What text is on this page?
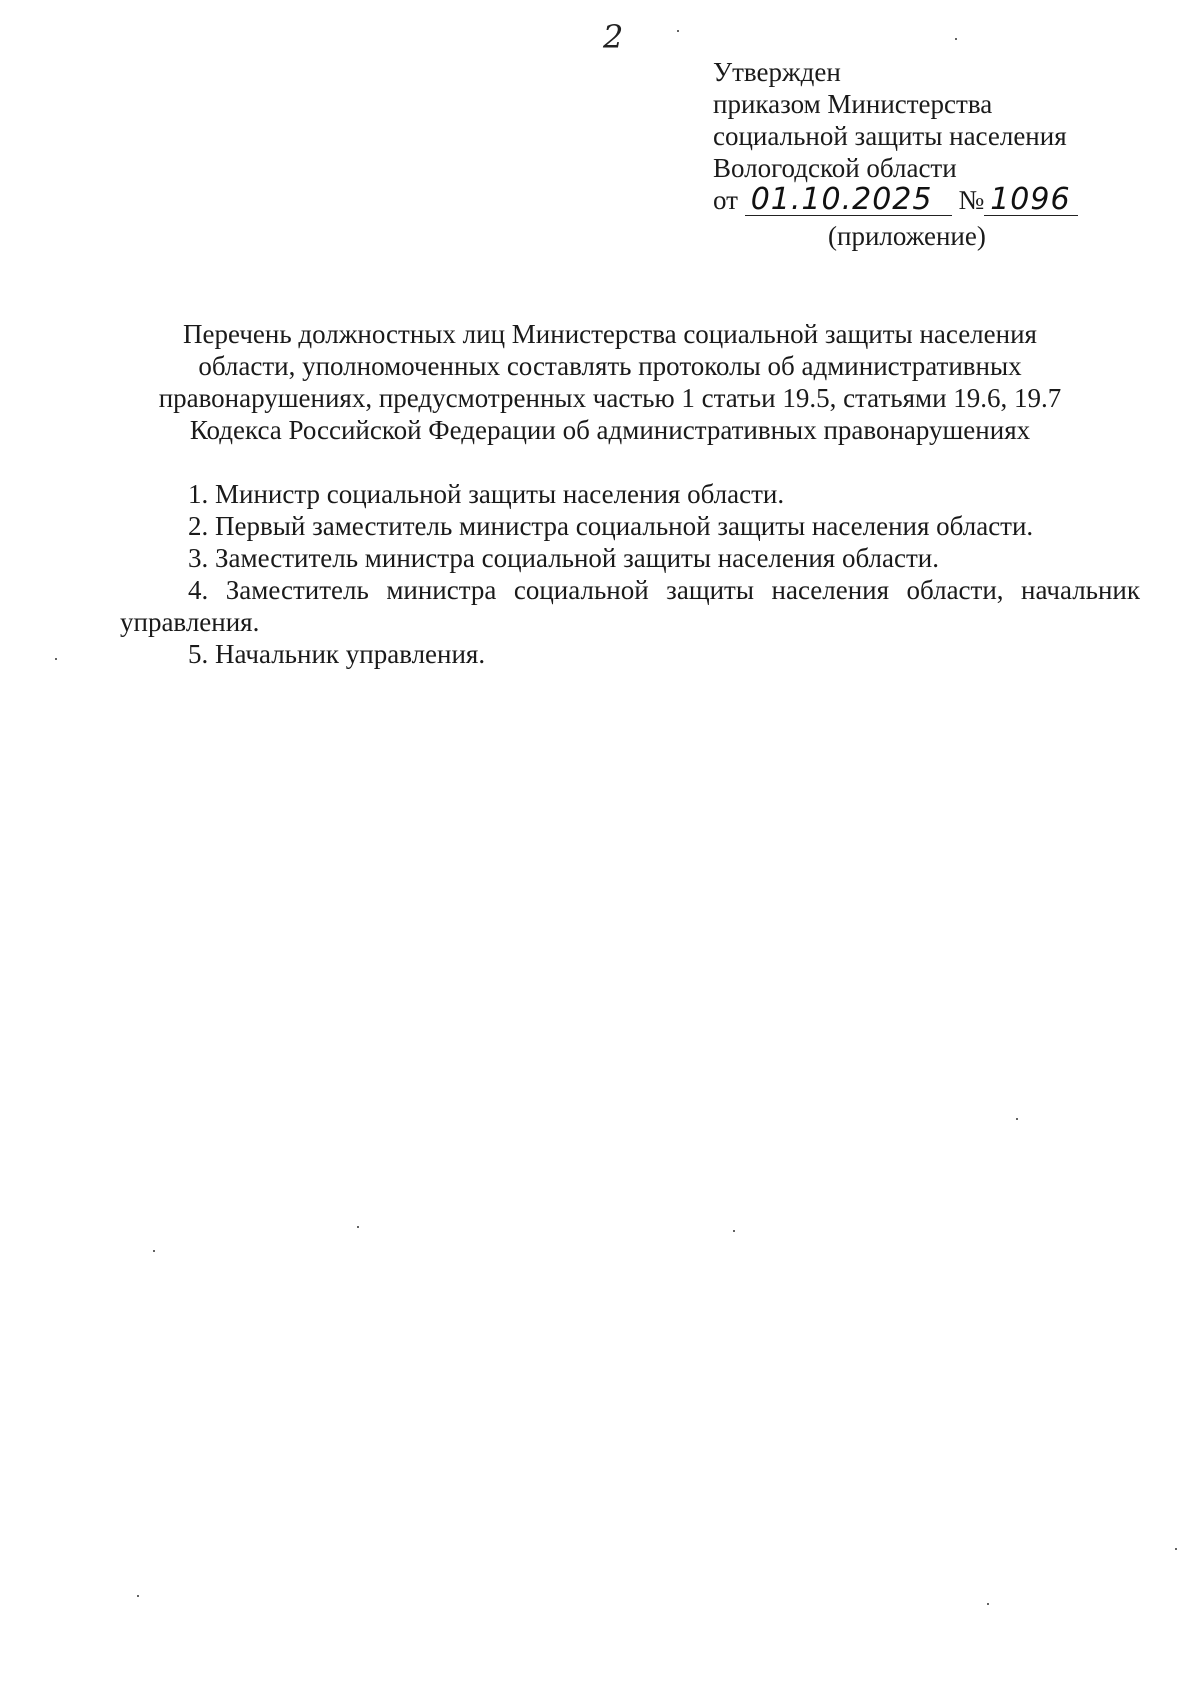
2
Утвержден
приказом Министерства
социальной защиты населения
Вологодской области
от 01.10.2025 № 1096
(приложение)
Перечень должностных лиц Министерства социальной защиты населения
области, уполномоченных составлять протоколы об административных
правонарушениях, предусмотренных частью 1 статьи 19.5, статьями 19.6, 19.7
Кодекса Российской Федерации об административных правонарушениях

1. Министр социальной защиты населения области.

2. Первый заместитель министра социальной защиты населения области.

3. Заместитель министра социальной защиты населения области.

4. Заместитель министра социальной защиты населения области, начальник управления.

5. Начальник управления.
